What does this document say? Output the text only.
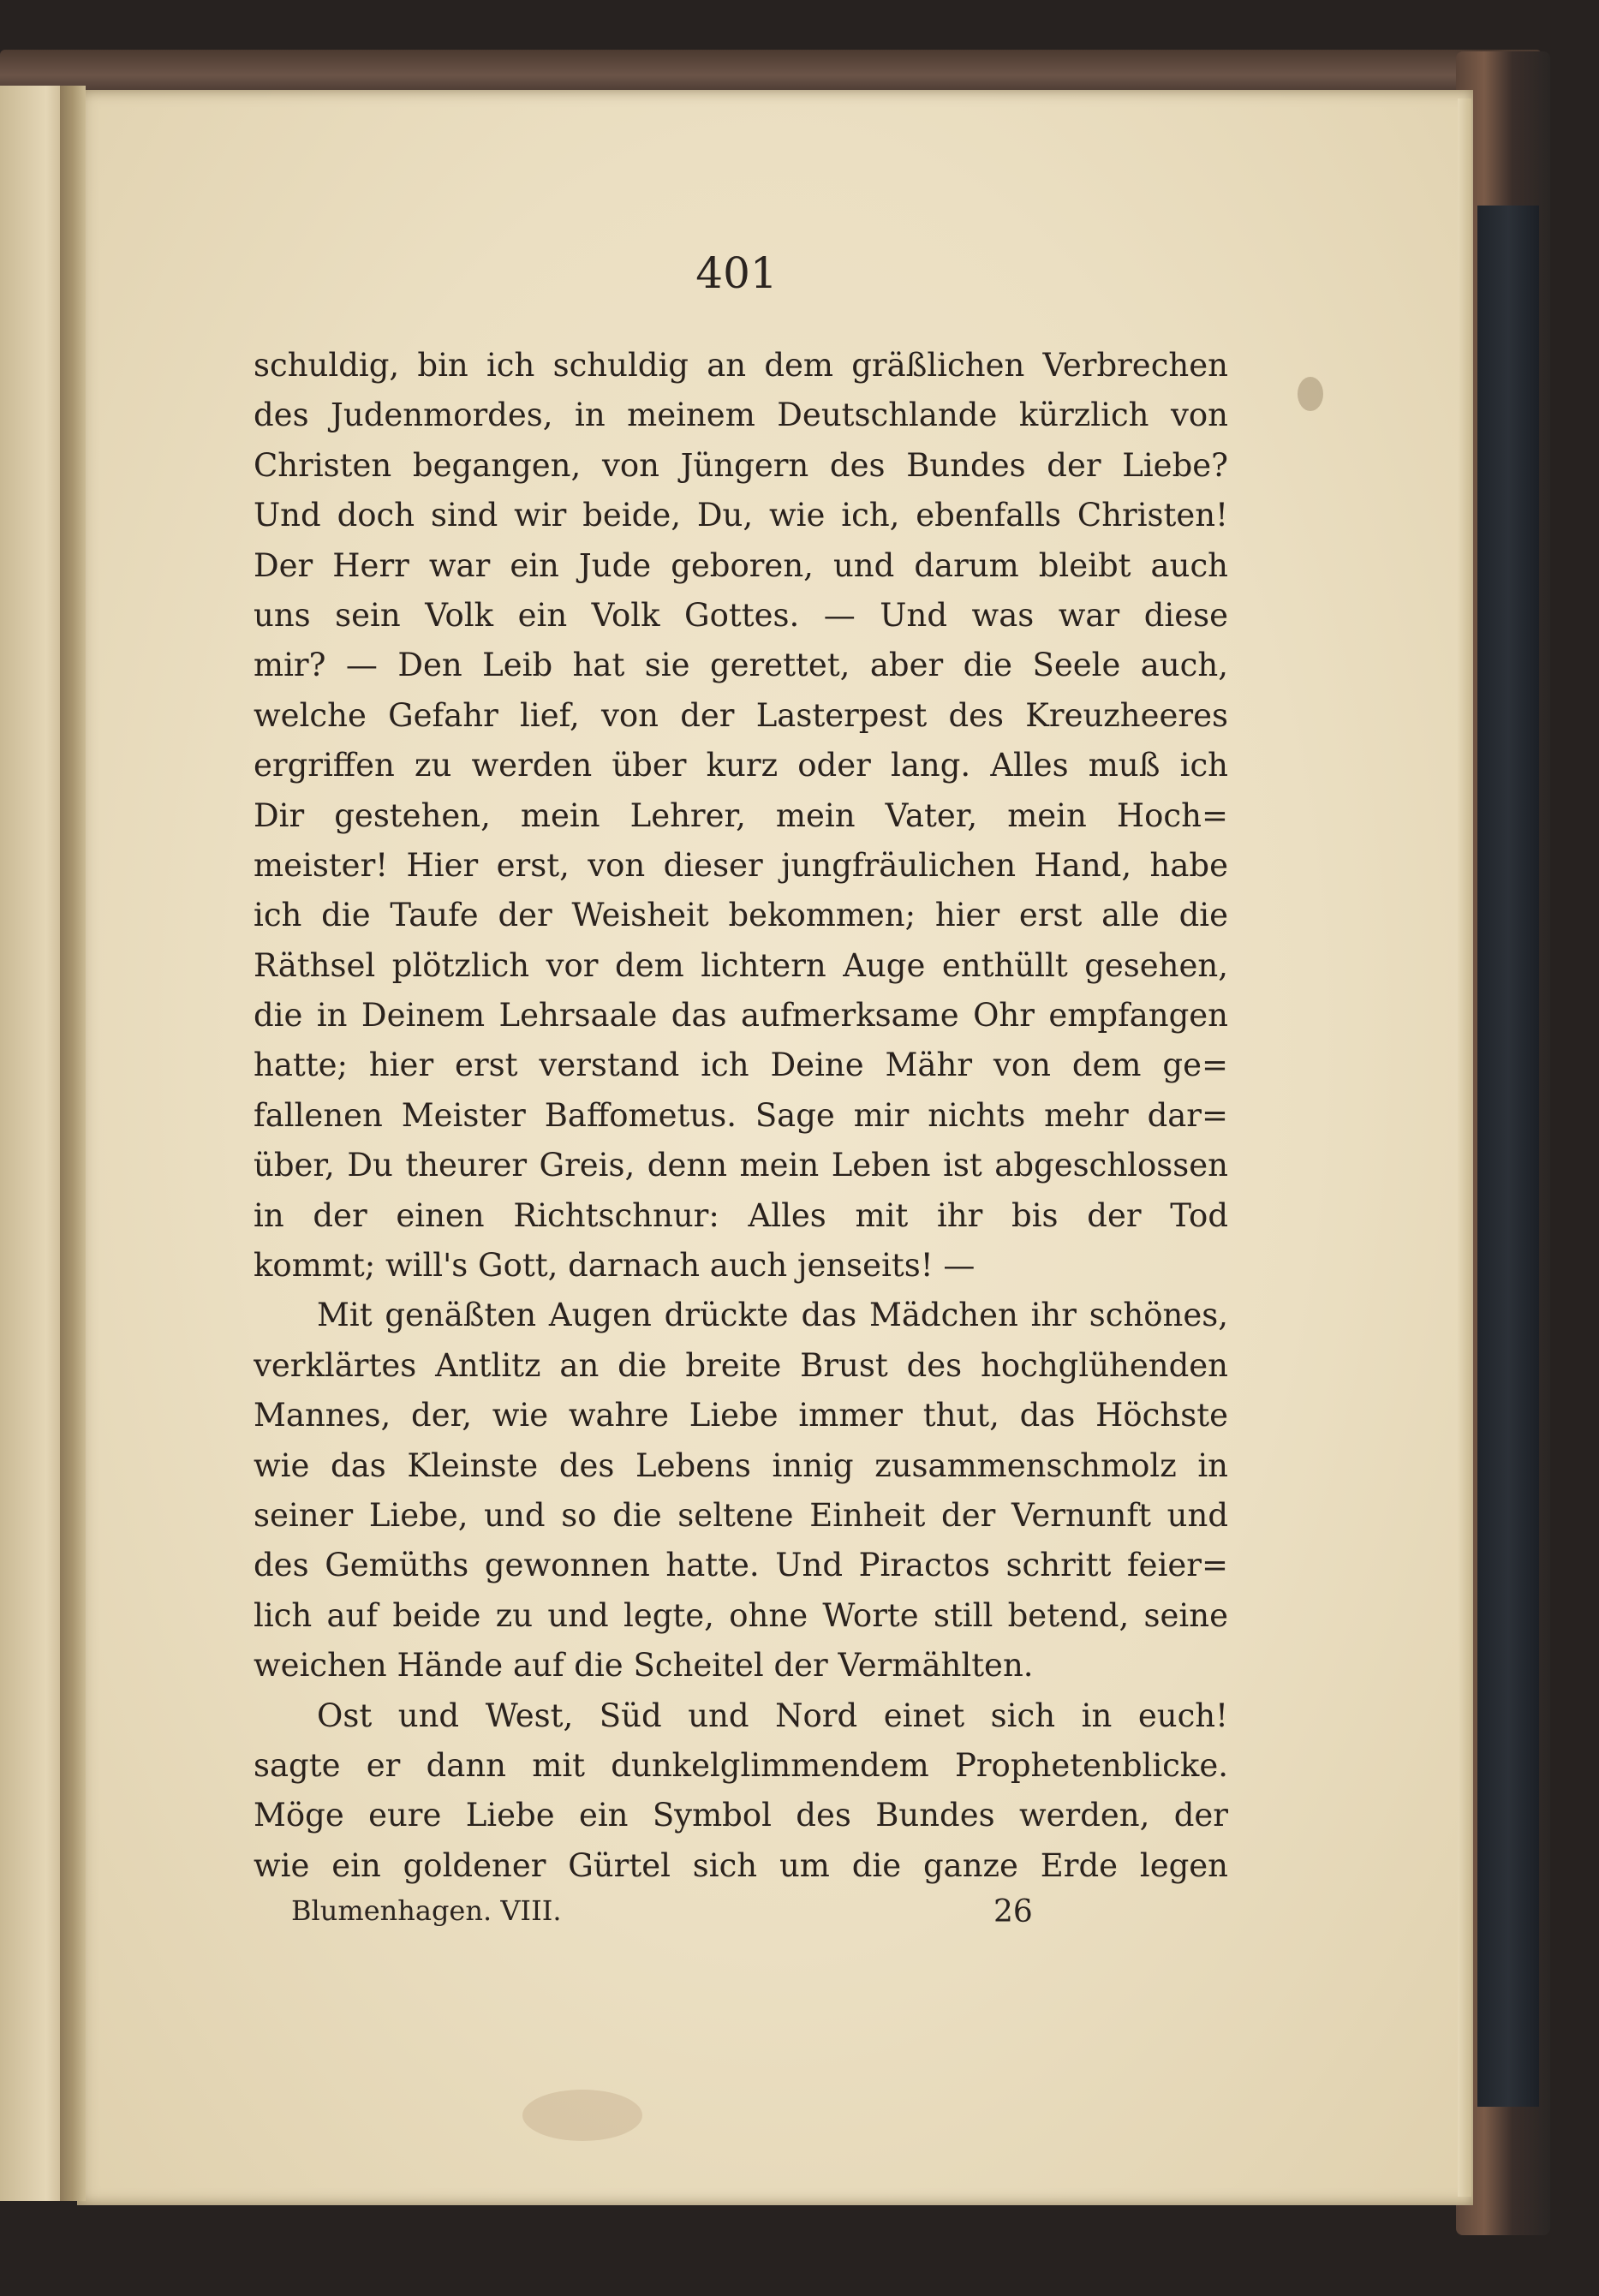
401
schuldig, bin ich schuldig an dem gräßlichen Verbrechen
des Judenmordes, in meinem Deutschlande kürzlich von
Christen begangen, von Jüngern des Bundes der Liebe?
Und doch sind wir beide, Du, wie ich, ebenfalls Christen!
Der Herr war ein Jude geboren, und darum bleibt auch
uns sein Volk ein Volk Gottes. — Und was war diese
mir? — Den Leib hat sie gerettet, aber die Seele auch,
welche Gefahr lief, von der Lasterpest des Kreuzheeres
ergriffen zu werden über kurz oder lang. Alles muß ich
Dir gestehen, mein Lehrer, mein Vater, mein Hoch=
meister! Hier erst, von dieser jungfräulichen Hand, habe
ich die Taufe der Weisheit bekommen; hier erst alle die
Räthsel plötzlich vor dem lichtern Auge enthüllt gesehen,
die in Deinem Lehrsaale das aufmerksame Ohr empfangen
hatte; hier erst verstand ich Deine Mähr von dem ge=
fallenen Meister Baffometus. Sage mir nichts mehr dar=
über, Du theurer Greis, denn mein Leben ist abgeschlossen
in der einen Richtschnur: Alles mit ihr bis der Tod
kommt; will's Gott, darnach auch jenseits! —
Mit genäßten Augen drückte das Mädchen ihr schönes,
verklärtes Antlitz an die breite Brust des hochglühenden
Mannes, der, wie wahre Liebe immer thut, das Höchste
wie das Kleinste des Lebens innig zusammenschmolz in
seiner Liebe, und so die seltene Einheit der Vernunft und
des Gemüths gewonnen hatte. Und Piractos schritt feier=
lich auf beide zu und legte, ohne Worte still betend, seine
weichen Hände auf die Scheitel der Vermählten.
Ost und West, Süd und Nord einet sich in euch!
sagte er dann mit dunkelglimmendem Prophetenblicke.
Möge eure Liebe ein Symbol des Bundes werden, der
wie ein goldener Gürtel sich um die ganze Erde legen
Blumenhagen. VIII.	26
